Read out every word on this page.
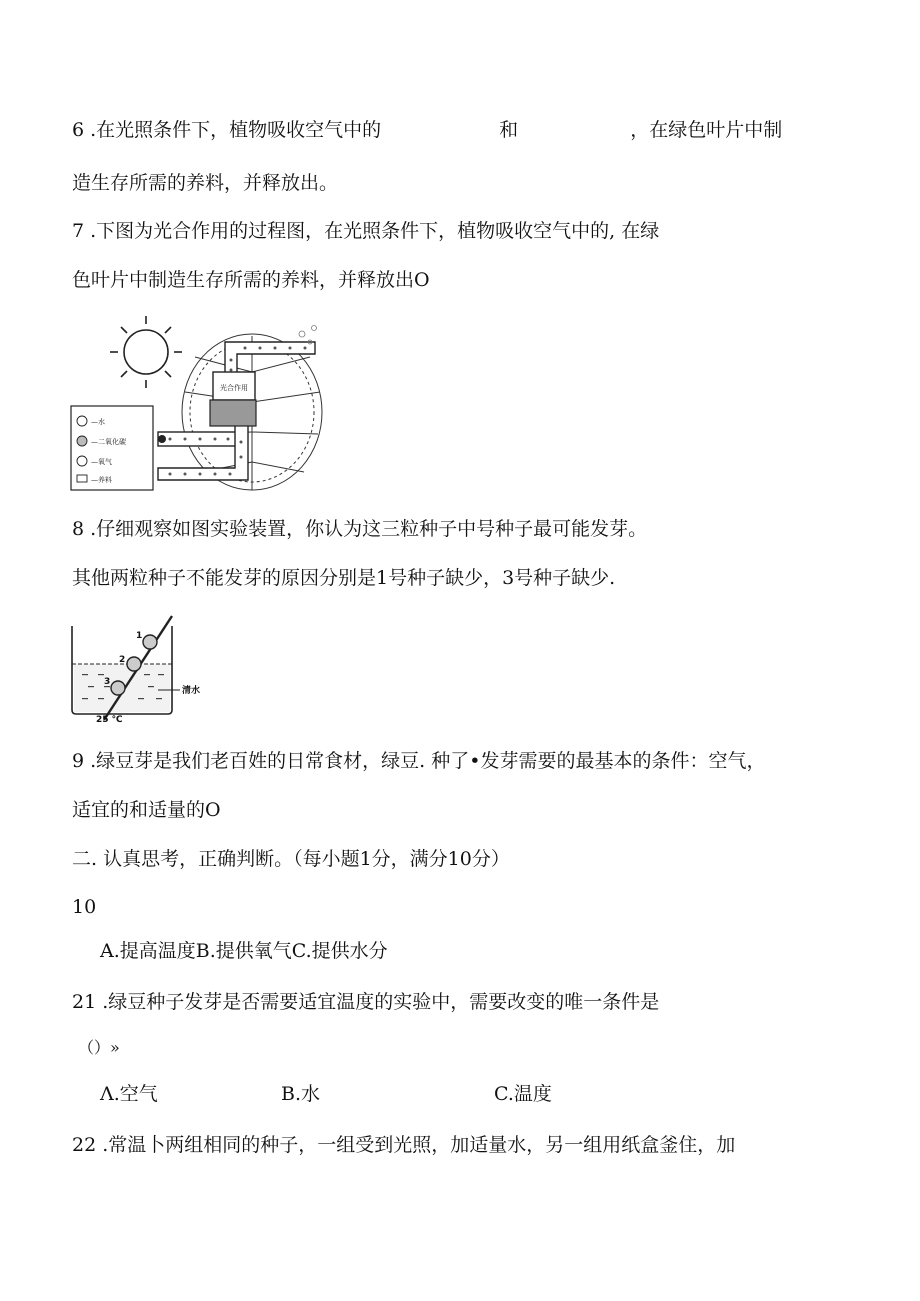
6 .在光照条件下，植物吸收空气中的	和	，在绿色叶片中制
造生存所需的养料，并释放出。
7 .下图为光合作用的过程图，在光照条件下，植物吸收空气中的, 在绿
色叶片中制造生存所需的养料，并释放出O
光合作用
—水
—二氧化碳
—氧气
—养料
8 .仔细观察如图实验装置，你认为这三粒种子中号种子最可能发芽。
其他两粒种子不能发芽的原因分别是1号种子缺少，3号种子缺少.
1
2
3
清水
25 ℃
9 .绿豆芽是我们老百姓的日常食材，绿豆. 种了•发芽需要的最基本的条件：空气，
适宜的和适量的O
二. 认真思考，正确判断。（每小题1分，满分10分）
10
A.提高温度B.提供氧气C.提供水分
21 .绿豆种子发芽是否需要适宜温度的实验中，需要改变的唯一条件是
（）»
Λ.空气	B.水	C.温度
22 .常温卜两组相同的种子，一组受到光照，加适量水，另一组用纸盒釜住，加
